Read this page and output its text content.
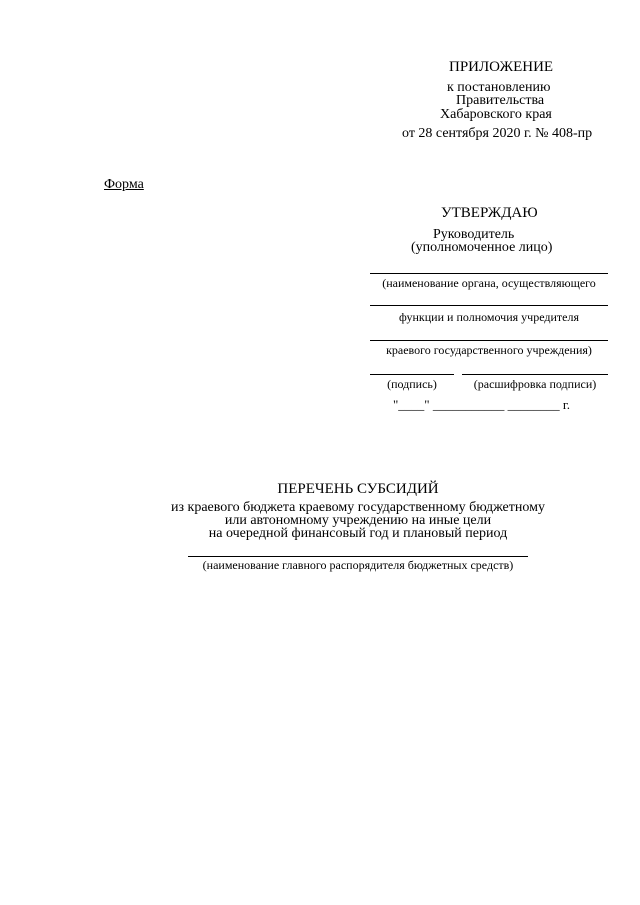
ПРИЛОЖЕНИЕ
к постановлению
Правительства
Хабаровского края
от 28 сентября 2020 г. № 408-пр
Форма
УТВЕРЖДАЮ
Руководитель
(уполномоченное лицо)
(наименование органа, осуществляющего
функции и полномочия учредителя
краевого государственного учреждения)
(подпись)	(расшифровка подписи)
"____" ___________ ________ г.
ПЕРЕЧЕНЬ СУБСИДИЙ
из краевого бюджета краевому государственному бюджетному
или автономному учреждению на иные цели
на очередной финансовый год и плановый период
(наименование главного распорядителя бюджетных средств)
